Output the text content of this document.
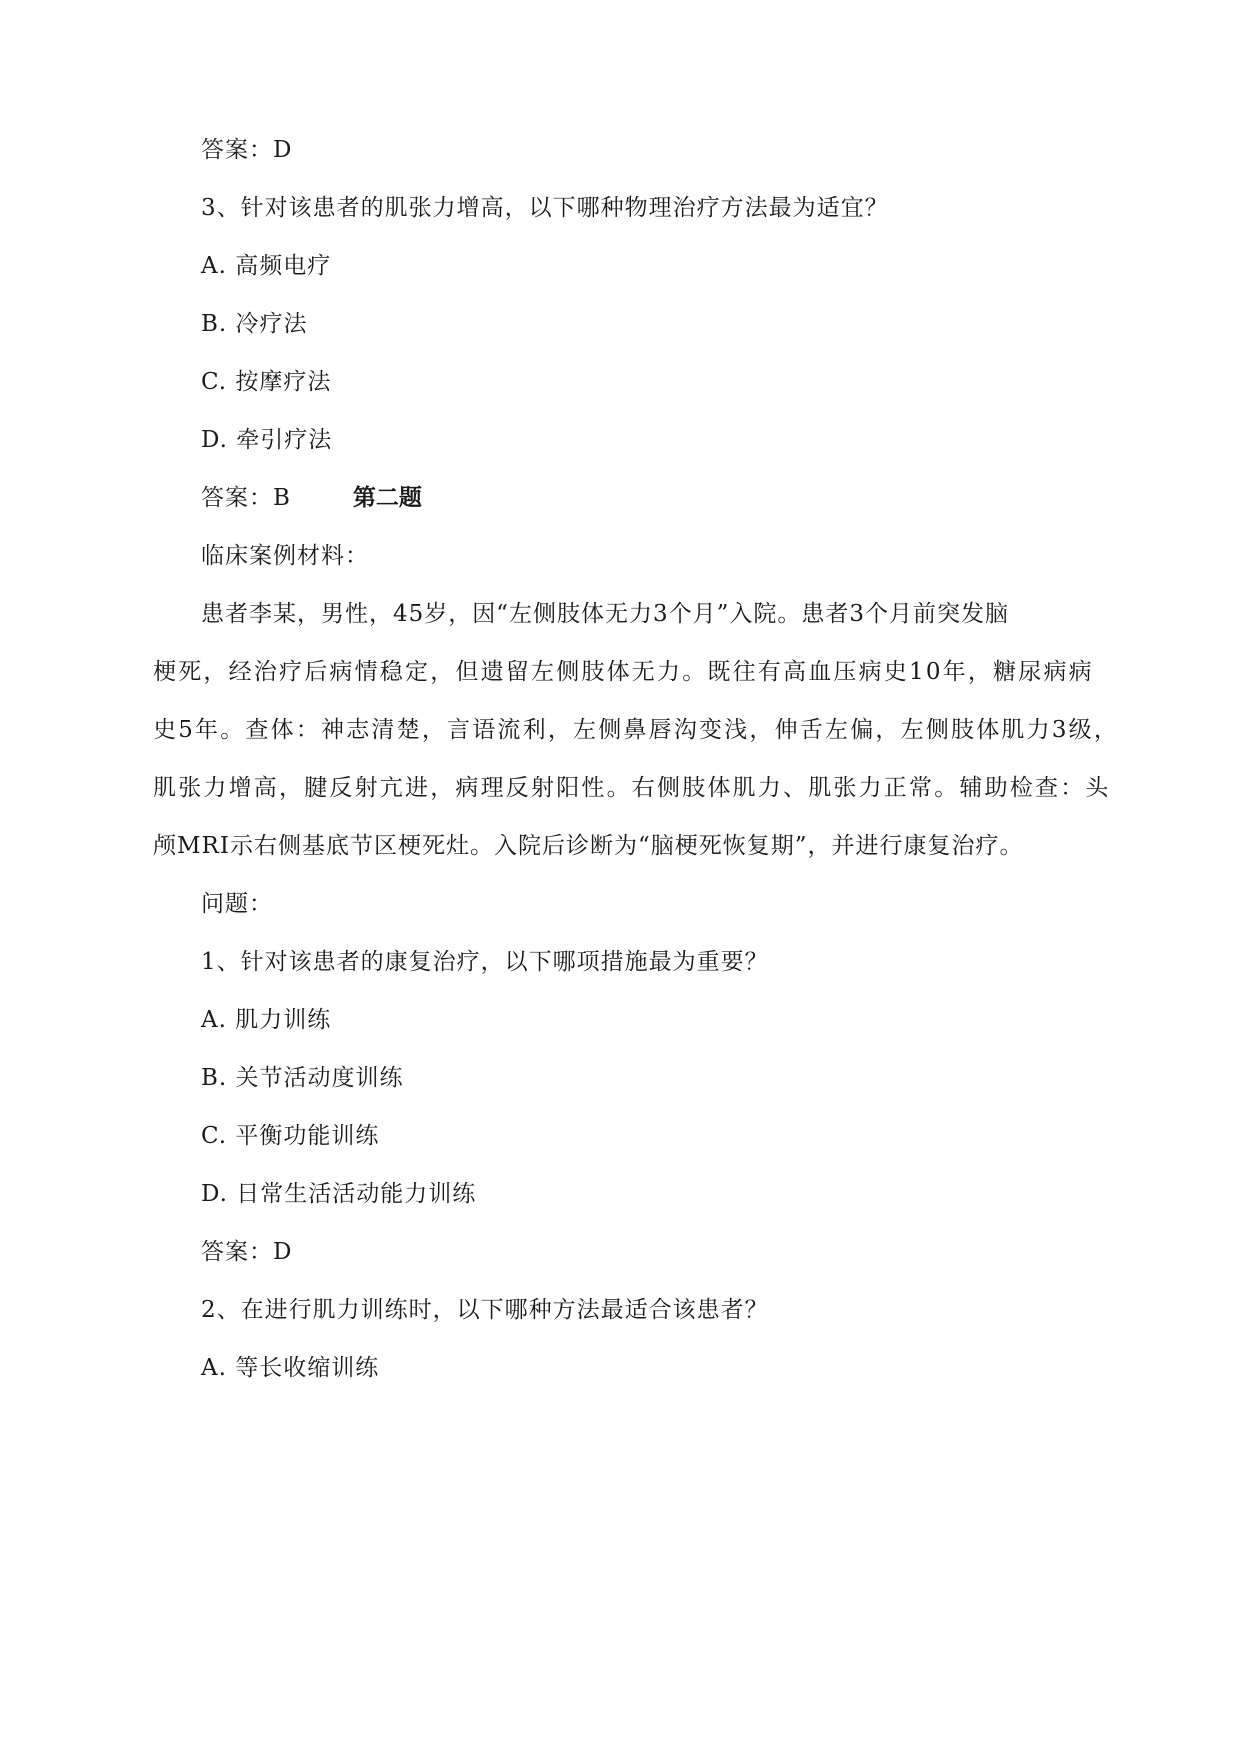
答案：D
3、针对该患者的肌张力增高，以下哪种物理治疗方法最为适宜？
A. 高频电疗
B. 冷疗法
C. 按摩疗法
D. 牵引疗法
答案：B	第二题
临床案例材料：
患者李某，男性，45岁，因“左侧肢体无力3个月”入院。患者3个月前突发脑
梗死，经治疗后病情稳定，但遗留左侧肢体无力。既往有高血压病史10年，糖尿病病
史5年。查体：神志清楚，言语流利，左侧鼻唇沟变浅，伸舌左偏，左侧肢体肌力3级，
肌张力增高，腱反射亢进，病理反射阳性。右侧肢体肌力、肌张力正常。辅助检查：头
颅MRI示右侧基底节区梗死灶。入院后诊断为“脑梗死恢复期”，并进行康复治疗。
问题：
1、针对该患者的康复治疗，以下哪项措施最为重要？
A. 肌力训练
B. 关节活动度训练
C. 平衡功能训练
D. 日常生活活动能力训练
答案：D
2、在进行肌力训练时，以下哪种方法最适合该患者？
A. 等长收缩训练
